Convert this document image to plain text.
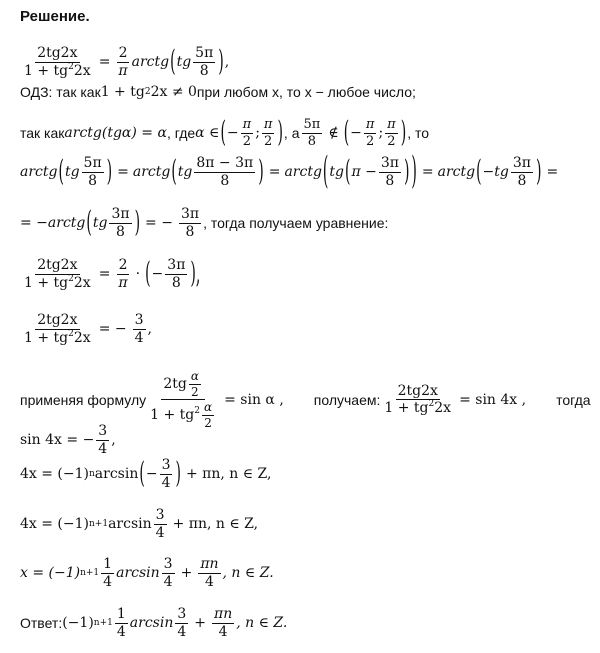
Решение.
$\frac{2tg2x}{1 + tg^22x} = \frac{2}{\pi}$ arctg ( tg $\frac{5\pi}{8}$ ) ,
ОДЗ: так как 1 + tg 2 2x ≠ 0 при любом x, то x − любое число;
так как arctg(tgα) = α , где α ∈ ( − $\frac{\pi}{2}$ ; $\frac{\pi}{2}$ ) , а $\frac{5\pi}{8}$ ∉ ( − $\frac{\pi}{2}$ ; $\frac{\pi}{2}$ ) , то
arctg ( tg $\frac{5\pi}{8}$ ) = arctg ( tg $\frac{8\pi - 3\pi}{8}$ ) = arctg ( tg ( $\pi - \frac{3\pi}{8}$ ) ) = arctg ( $-tg \frac{3\pi}{8}$ ) =
= −arctg ( tg $\frac{3\pi}{8}$ ) = − $\frac{3\pi}{8}$ , тогда получаем уравнение:
$\frac{2tg2x}{1 + tg^22x} = \frac{2}{\pi}$ · ( − $\frac{3\pi}{8}$ ),
$\frac{2tg2x}{1 + tg^22x}$ = − $\frac{3}{4}$ ,
применяя формулу $\frac{2tg \frac{\alpha}{2}}{1 + tg^2 \frac{\alpha}{2}} = \sin \alpha$ , получаем: $\frac{2tg2x}{1 + tg^22x} = \sin 4x$ , тогда
sin 4x = − $\frac{3}{4}$ ,
4x = (−1) n arcsin ( − $\frac{3}{4}$ ) + πn, n ∈ Z,
4x = (−1) n+1 $\arcsin \frac{3}{4} + \pi n$, n ∈ Z,
x = (−1) $n+1 \frac{1}{4}$ $\arcsin \frac{3}{4} + \frac{\pi n}{4}$ , n ∈ Z.
Ответ: (−1) $n+1 \frac{1}{4}$ $\arcsin \frac{3}{4} + \frac{\pi n}{4}$ , n ∈ Z.
